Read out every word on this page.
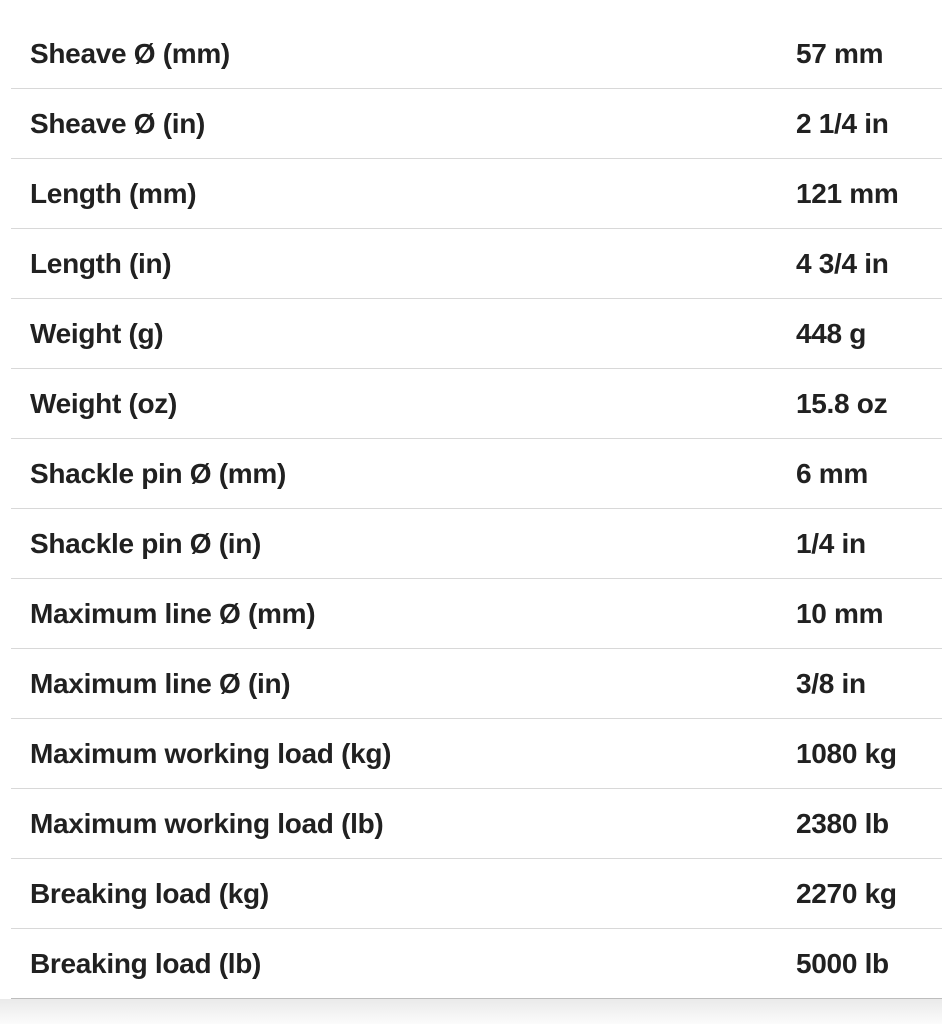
Sheave Ø (mm)	57 mm
Sheave Ø (in)	2 1/4 in
Length (mm)	121 mm
Length (in)	4 3/4 in
Weight (g)	448 g
Weight (oz)	15.8 oz
Shackle pin Ø (mm)	6 mm
Shackle pin Ø (in)	1/4 in
Maximum line Ø (mm)	10 mm
Maximum line Ø (in)	3/8 in
Maximum working load (kg)	1080 kg
Maximum working load (lb)	2380 lb
Breaking load (kg)	2270 kg
Breaking load (lb)	5000 lb
